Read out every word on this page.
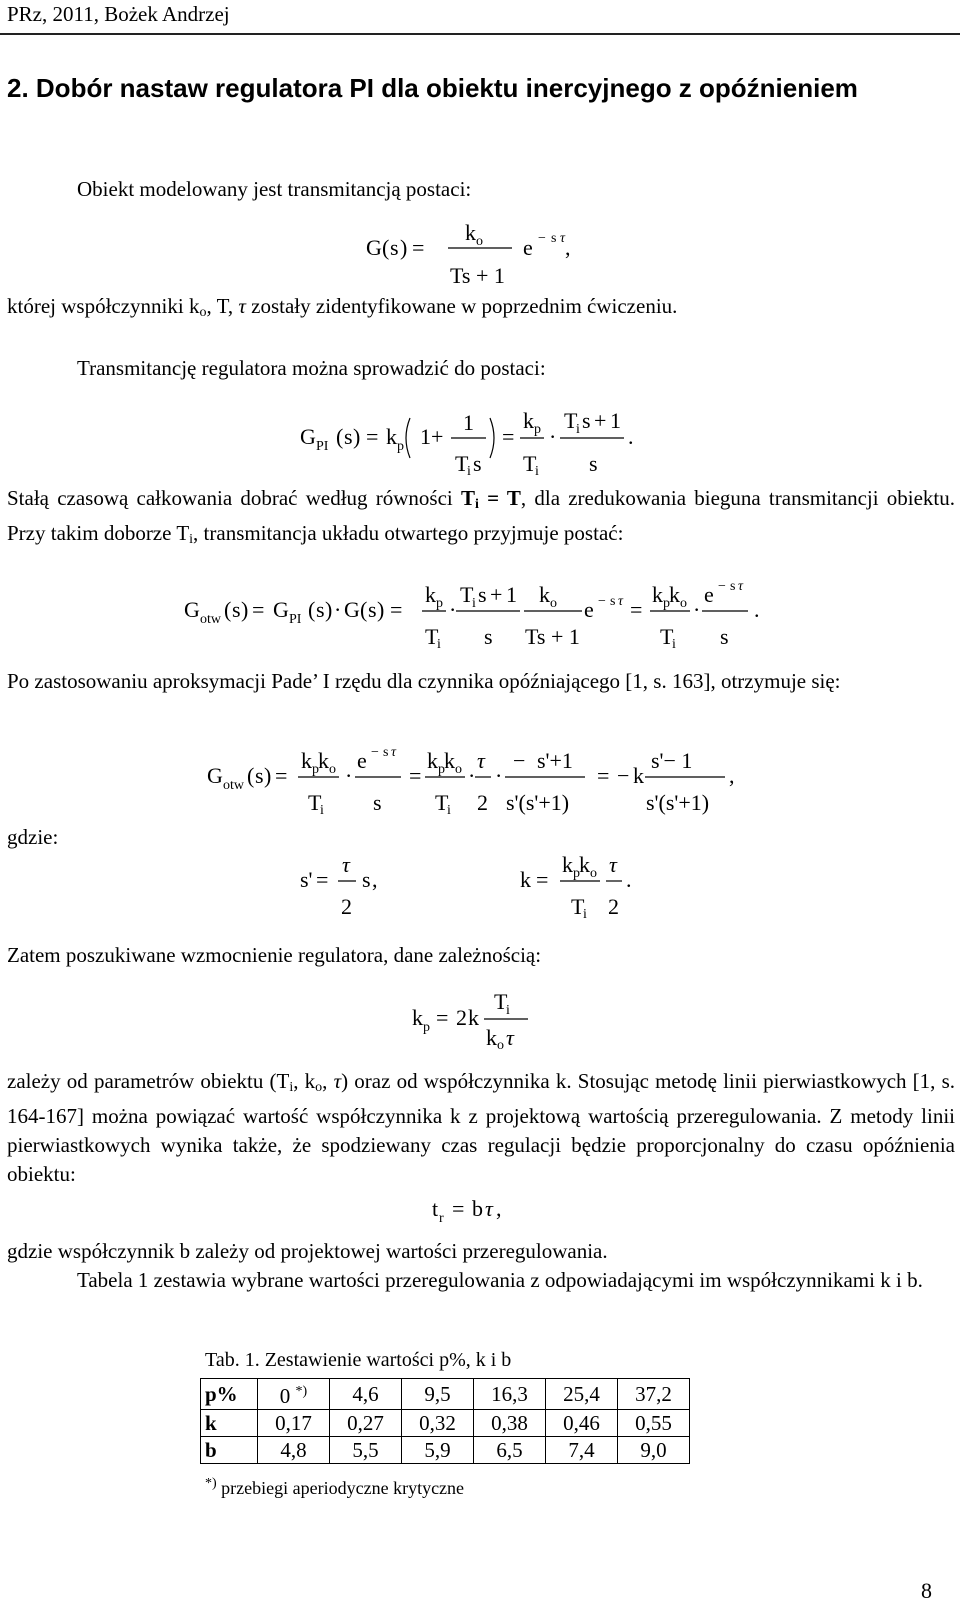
PRz, 2011, Bożek Andrzej
2. Dobór nastaw regulatora PI dla obiektu inercyjnego z opóźnieniem
Obiekt modelowany jest transmitancją postaci:
G ( s ) =
k o
Ts + 1
e − s τ ,
której współczynniki $k_o$, T, τ zostały zidentyfikowane w poprzednim ćwiczeniu.
Transmitancję regulatora można sprowadzić do postaci:
G PI ( s ) = k p 1 +
1
T
i s
=
k p
T
i
·
T
i s + 1
s
.
Stałą czasową całkowania dobrać według równości $T_i = T$, dla zredukowania bieguna transmitancji obiektu. Przy takim doborze $T_i$, transmitancja układu otwartego przyjmuje postać:
G otw ( s ) = G PI ( s ) · G ( s ) =
k p
T
i
·
T
i s + 1
s
k o
Ts + 1
e − s τ =
k p k o
T
i
·
e − s τ
s
.
Po zastosowaniu aproksymacji Pade’ I rzędu dla czynnika opóźniającego [1, s. 163], otrzymuje się:
G otw ( s ) =
k p k o
T
i
·
e − s τ
s
=
k p k o
T
i
·
τ
2
·
− s'+1
s'(s'+1)
= − k
s'− 1
s'(s'+1)
,
gdzie:
s' =
τ
2
s ,	k =
k p k o
T
i
τ
2
.
Zatem poszukiwane wzmocnienie regulatora, dane zależnością:
k p = 2 k
T
i
k o τ
zależy od parametrów obiektu ($T_i$, $k_o$, τ) oraz od współczynnika k. Stosując metodę linii pierwiastkowych [1, s. 164-167] można powiązać wartość współczynnika k z projektową wartością przeregulowania. Z metody linii pierwiastkowych wynika także, że spodziewany czas regulacji będzie proporcjonalny do czasu opóźnienia obiektu:
t r = b τ ,
gdzie współczynnik b zależy od projektowej wartości przeregulowania.
Tabela 1 zestawia wybrane wartości przeregulowania z odpowiadającymi im współczynnikami k i b.
Tab. 1. Zestawienie wartości p%, k i b
p%	0 *)	4,6	9,5	16,3	25,4	37,2
k	0,17	0,27	0,32	0,38	0,46	0,55
b	4,8	5,5	5,9	6,5	7,4	9,0
*) przebiegi aperiodyczne krytyczne
8
